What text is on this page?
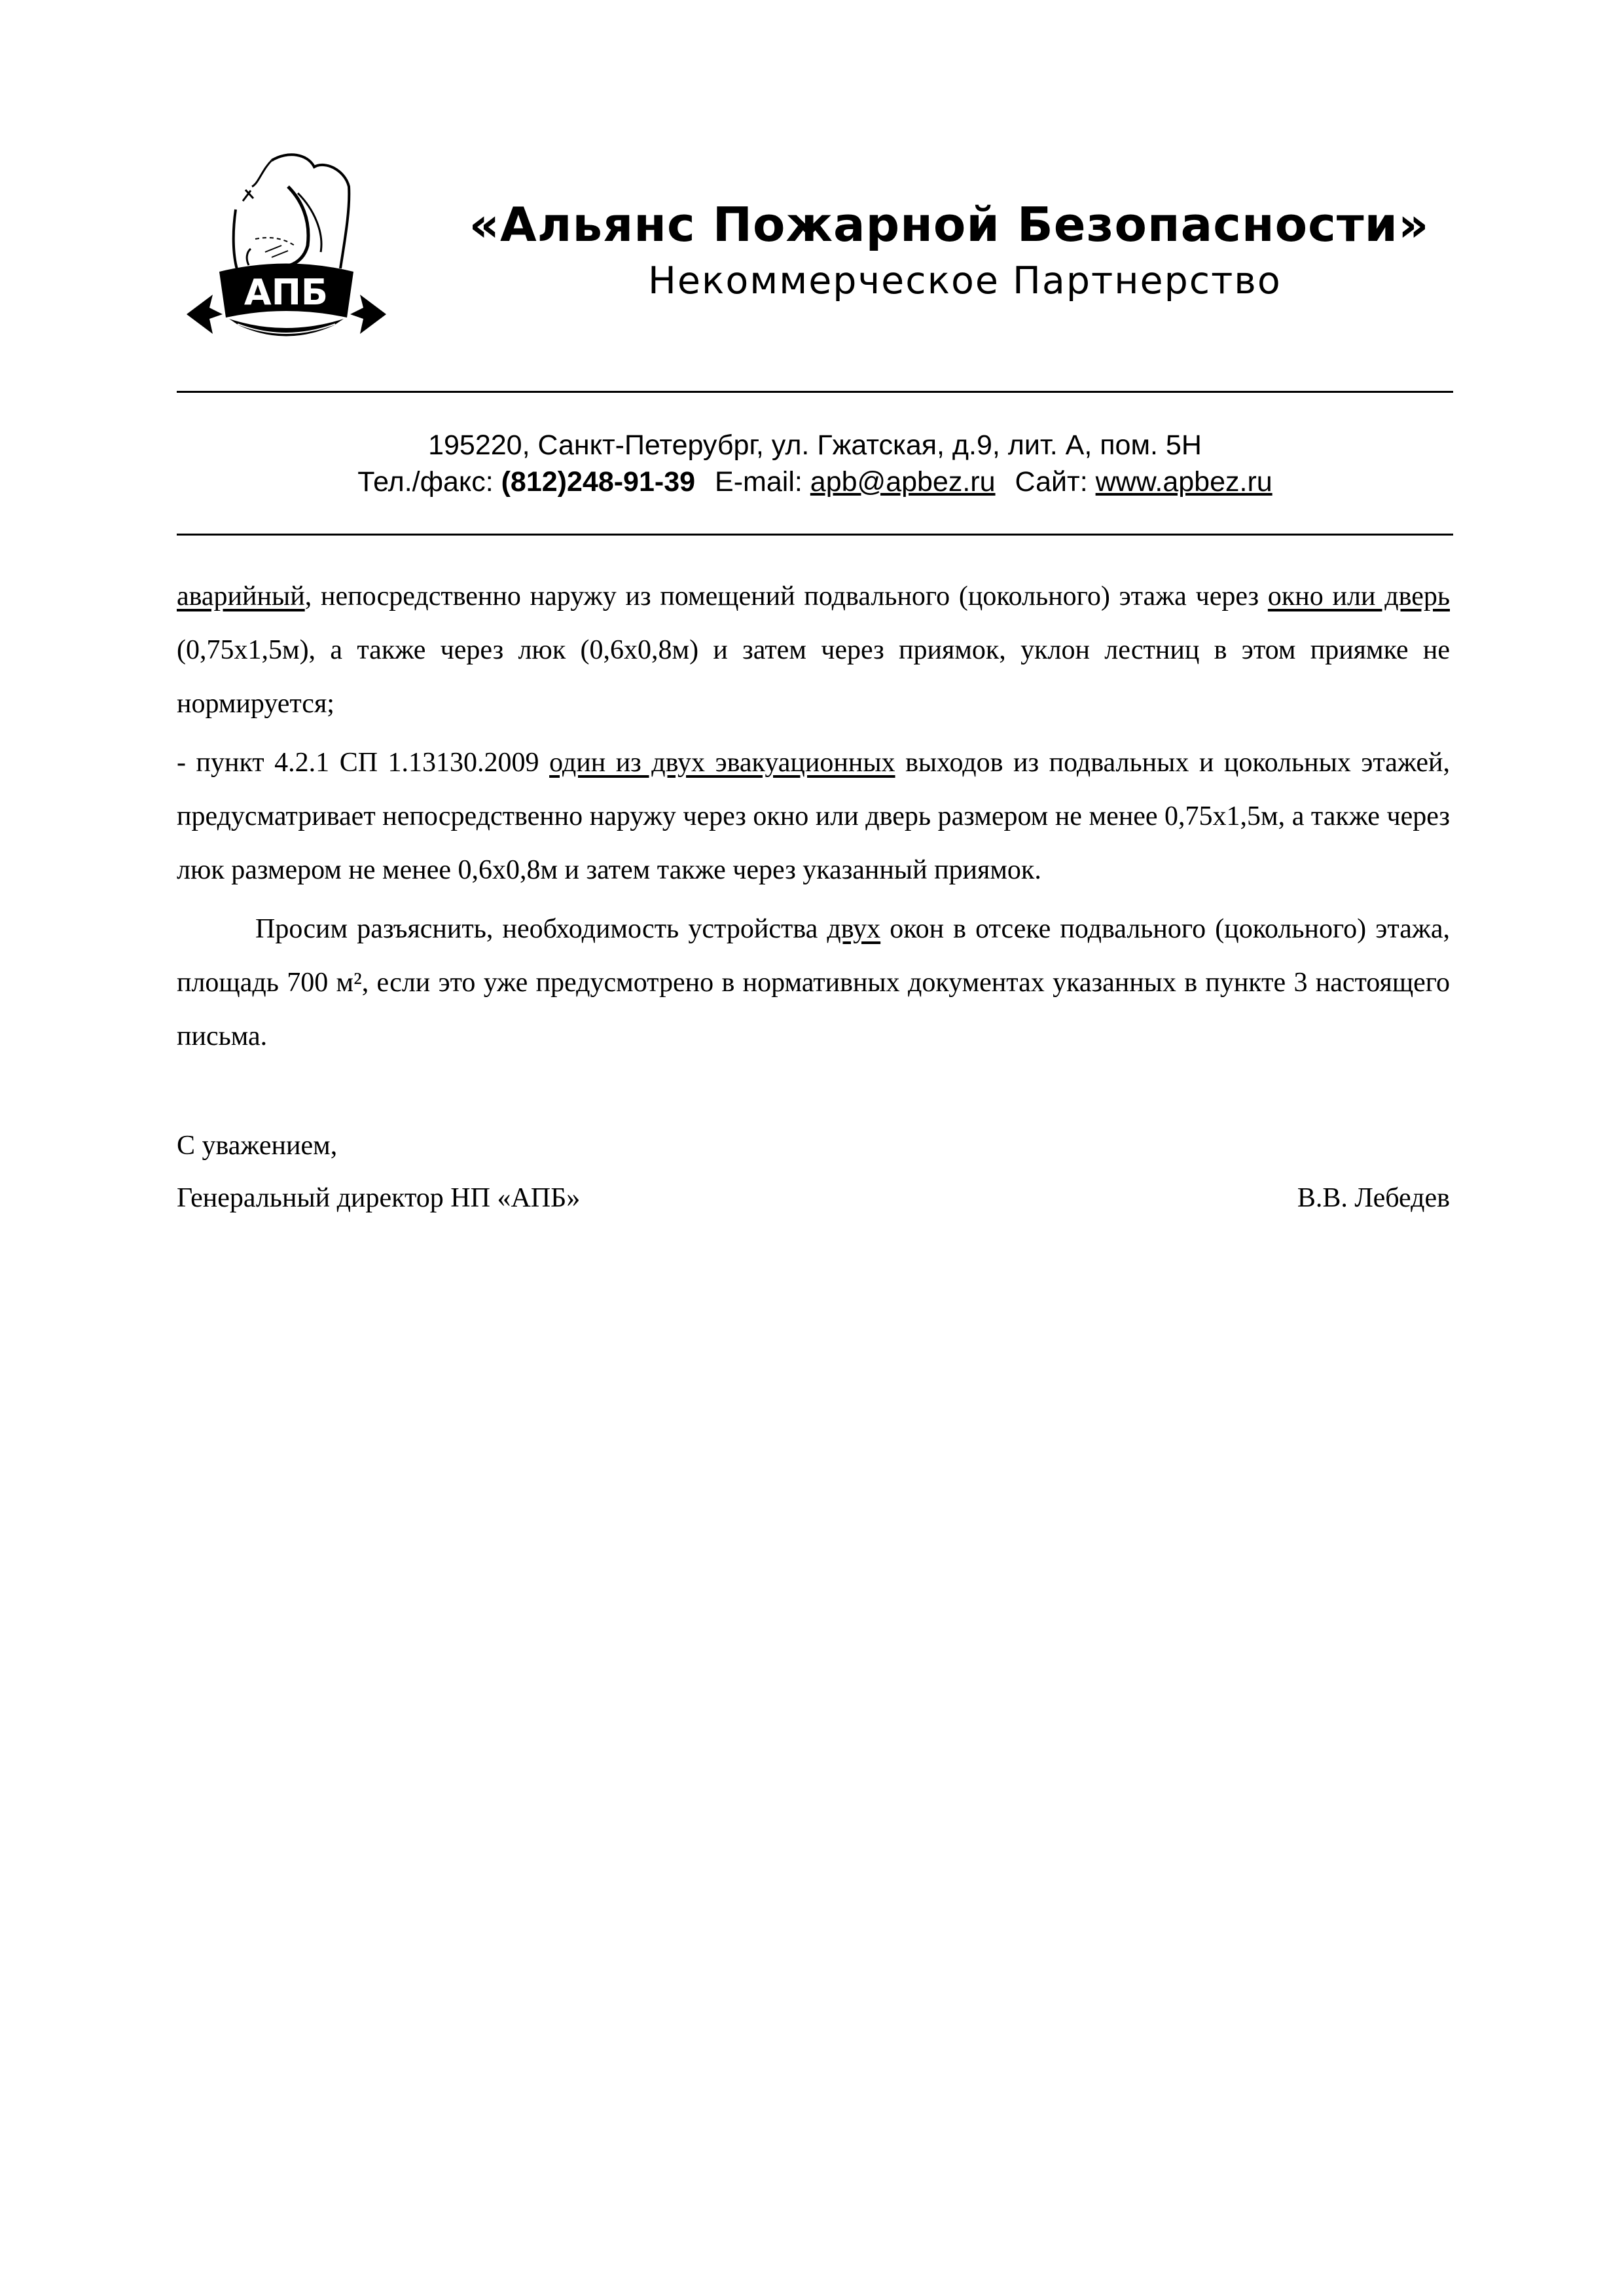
АПБ
«Альянс Пожарной Безопасности»
Некоммерческое Партнерство
195220, Санкт-Петерубрг, ул. Гжатская, д.9, лит. А, пом. 5Н
Тел./факс: (812)248-91-39 E-mail: apb@apbez.ru Сайт: www.apbez.ru

аварийный, непосредственно наружу из помещений подвального (цокольного) этажа через окно или дверь (0,75х1,5м), а также через люк (0,6х0,8м) и затем через приямок, уклон лестниц в этом приямке не нормируется;

- пункт 4.2.1 СП 1.13130.2009 один из двух эвакуационных выходов из подвальных и цокольных этажей, предусматривает непосредственно наружу через окно или дверь размером не менее 0,75х1,5м, а также через люк размером не менее 0,6х0,8м и затем также через указанный приямок.

Просим разъяснить, необходимость устройства двух окон в отсеке подвального (цокольного) этажа, площадь 700 м², если это уже предусмотрено в нормативных документах указанных в пункте 3 настоящего письма.

С уважением,
Генеральный директор НП «АПБ»	В.В. Лебедев
